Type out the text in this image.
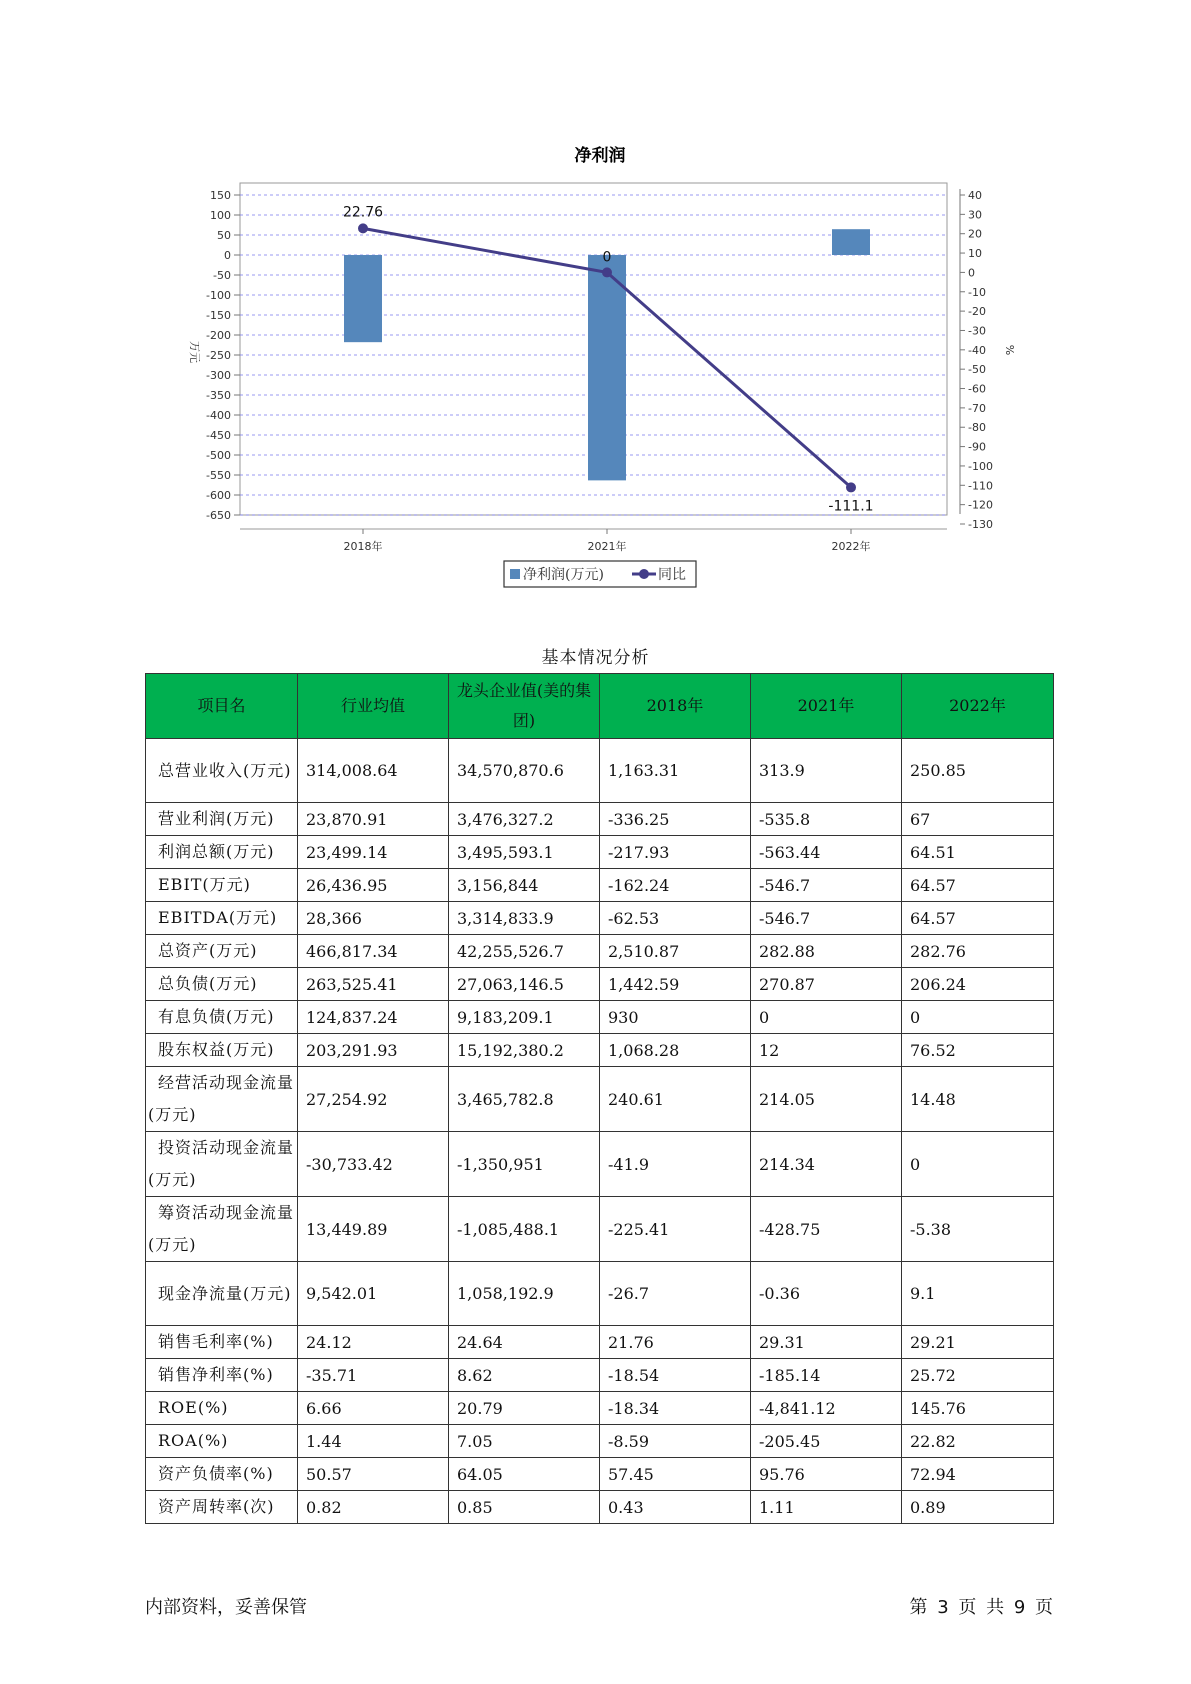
净利润
150
100
50
0
-50
-100
-150
-200
-250
-300
-350
-400
-450
-500
-550
-600
-650
40
30
20
10
0
-10
-20
-30
-40
-50
-60
-70
-80
-90
-100
-110
-120
-130
2018年	2021年	2022年
万元	%
22.76
0
-111.1
净利润(万元)	同比
基本情况分析
项目名	行业均值	龙头企业值(美的集团)	2018年	2021年	2022年
总营业收入(万元)	314,008.64	34,570,870.6	1,163.31	313.9	250.85
营业利润(万元)	23,870.91	3,476,327.2	-336.25	-535.8	67
利润总额(万元)	23,499.14	3,495,593.1	-217.93	-563.44	64.51
EBIT(万元)	26,436.95	3,156,844	-162.24	-546.7	64.57
EBITDA(万元)	28,366	3,314,833.9	-62.53	-546.7	64.57
总资产(万元)	466,817.34	42,255,526.7	2,510.87	282.88	282.76
总负债(万元)	263,525.41	27,063,146.5	1,442.59	270.87	206.24
有息负债(万元)	124,837.24	9,183,209.1	930	0	0
股东权益(万元)	203,291.93	15,192,380.2	1,068.28	12	76.52
经营活动现金流量(万元)	27,254.92	3,465,782.8	240.61	214.05	14.48
投资活动现金流量(万元)	-30,733.42	-1,350,951	-41.9	214.34	0
筹资活动现金流量(万元)	13,449.89	-1,085,488.1	-225.41	-428.75	-5.38
现金净流量(万元)	9,542.01	1,058,192.9	-26.7	-0.36	9.1
销售毛利率(%)	24.12	24.64	21.76	29.31	29.21
销售净利率(%)	-35.71	8.62	-18.54	-185.14	25.72
ROE(%)	6.66	20.79	-18.34	-4,841.12	145.76
ROA(%)	1.44	7.05	-8.59	-205.45	22.82
资产负债率(%)	50.57	64.05	57.45	95.76	72.94
资产周转率(次)	0.82	0.85	0.43	1.11	0.89
内部资料，妥善保管	第 3 页 共 9 页
